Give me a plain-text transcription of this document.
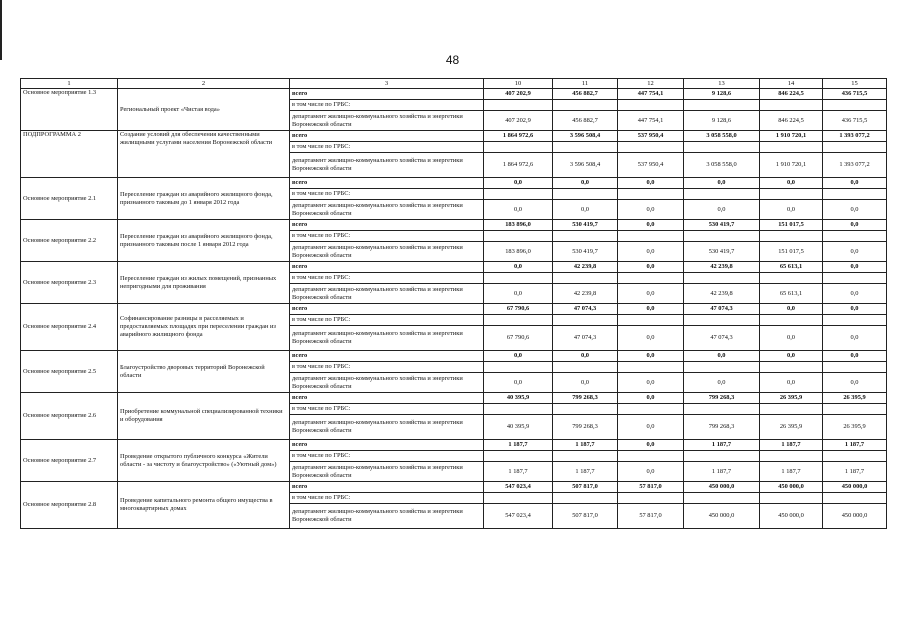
48
1	2	3	10	11	12	13	14	15
Основное мероприятие 1.3	Региональный проект «Чистая вода»	всего	407 202,9	456 882,7	447 754,1	9 128,6	846 224,5	436 715,5
		в том числе по ГРБС:						
		департамент жилищно-коммунального хозяйства и энергетики Воронежской области	407 202,9	456 882,7	447 754,1	9 128,6	846 224,5	436 715,5
ПОДПРОГРАММА 2	Создание условий для обеспечения качественными жилищными услугами населения Воронежской области	всего	1 864 972,6	3 596 508,4	537 950,4	3 058 558,0	1 910 720,1	1 393 077,2
		в том числе по ГРБС:						
		департамент жилищно-коммунального хозяйства и энергетики Воронежской области	1 864 972,6	3 596 508,4	537 950,4	3 058 558,0	1 910 720,1	1 393 077,2
Основное мероприятие 2.1	Переселение граждан из аварийного жилищного фонда, признанного таковым до 1 января 2012 года	всего	0,0	0,0	0,0	0,0	0,0	0,0
		в том числе по ГРБС:						
		департамент жилищно-коммунального хозяйства и энергетики Воронежской области	0,0	0,0	0,0	0,0	0,0	0,0
Основное мероприятие 2.2	Переселение граждан из аварийного жилищного фонда, признанного таковым после 1 января 2012 года	всего	183 896,0	530 419,7	0,0	530 419,7	151 017,5	0,0
		в том числе по ГРБС:						
		департамент жилищно-коммунального хозяйства и энергетики Воронежской области	183 896,0	530 419,7	0,0	530 419,7	151 017,5	0,0
Основное мероприятие 2.3	Переселение граждан из жилых помещений, признанных непригодными для проживания	всего	0,0	42 239,8	0,0	42 239,8	65 613,1	0,0
		в том числе по ГРБС:						
		департамент жилищно-коммунального хозяйства и энергетики Воронежской области	0,0	42 239,8	0,0	42 239,8	65 613,1	0,0
Основное мероприятие 2.4	Софинансирование разницы в расселяемых и предоставляемых площадях при переселении граждан из аварийного жилищного фонда	всего	67 790,6	47 074,3	0,0	47 074,3	0,0	0,0
		в том числе по ГРБС:						
		департамент жилищно-коммунального хозяйства и энергетики Воронежской области	67 790,6	47 074,3	0,0	47 074,3	0,0	0,0
Основное мероприятие 2.5	Благоустройство дворовых территорий Воронежской области	всего	0,0	0,0	0,0	0,0	0,0	0,0
		в том числе по ГРБС:						
		департамент жилищно-коммунального хозяйства и энергетики Воронежской области	0,0	0,0	0,0	0,0	0,0	0,0
Основное мероприятие 2.6	Приобретение коммунальной специализированной техники и оборудования	всего	40 395,9	799 268,3	0,0	799 268,3	26 395,9	26 395,9
		в том числе по ГРБС:						
		департамент жилищно-коммунального хозяйства и энергетики Воронежской области	40 395,9	799 268,3	0,0	799 268,3	26 395,9	26 395,9
Основное мероприятие 2.7	Проведение открытого публичного конкурса «Жители области - за чистоту и благоустройство» («Уютный дом»)	всего	1 187,7	1 187,7	0,0	1 187,7	1 187,7	1 187,7
		в том числе по ГРБС:						
		департамент жилищно-коммунального хозяйства и энергетики Воронежской области	1 187,7	1 187,7	0,0	1 187,7	1 187,7	1 187,7
Основное мероприятие 2.8	Проведение капитального ремонта общего имущества в многоквартирных домах	всего	547 023,4	507 817,0	57 817,0	450 000,0	450 000,0	450 000,0
		в том числе по ГРБС:						
		департамент жилищно-коммунального хозяйства и энергетики Воронежской области	547 023,4	507 817,0	57 817,0	450 000,0	450 000,0	450 000,0
